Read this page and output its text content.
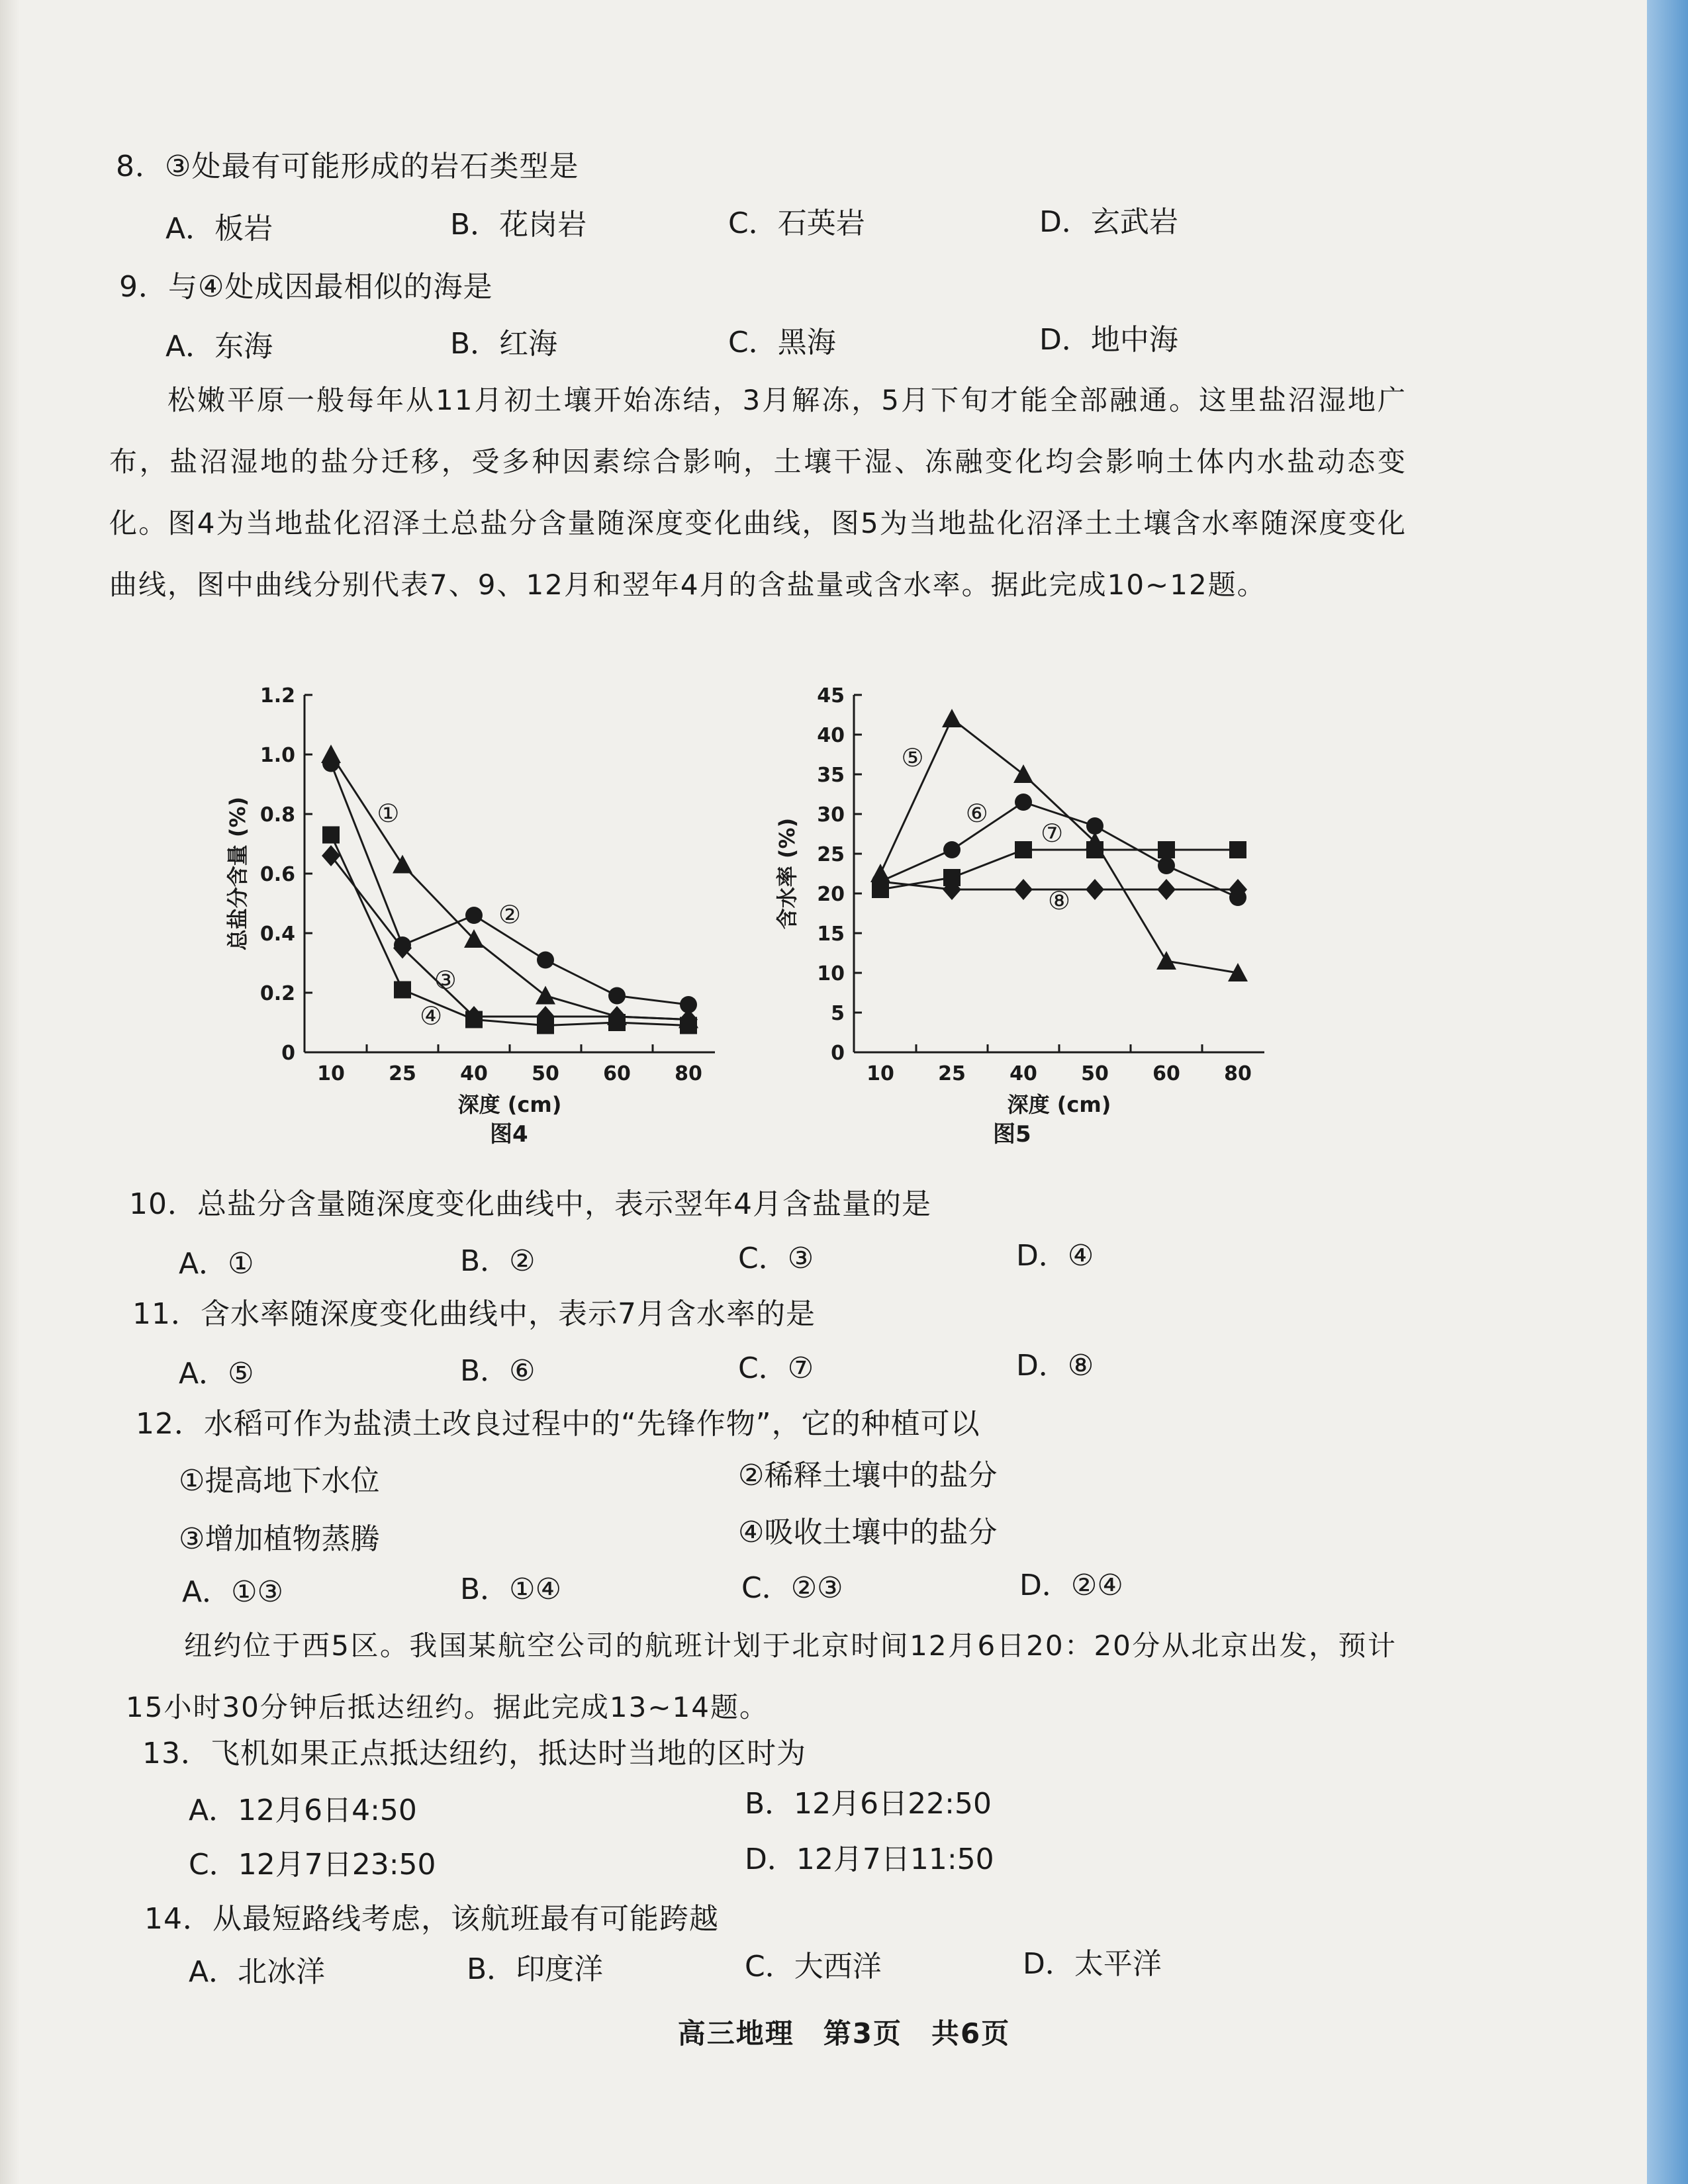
8．③处最有可能形成的岩石类型是
A．板岩	B．花岗岩	C．石英岩	D．玄武岩
9．与④处成因最相似的海是
A．东海	B．红海	C．黑海	D．地中海
松嫩平原一般每年从11月初土壤开始冻结，3月解冻，5月下旬才能全部融通。这里盐沼湿地广布，盐沼湿地的盐分迁移，受多种因素综合影响，土壤干湿、冻融变化均会影响土体内水盐动态变化。图4为当地盐化沼泽土总盐分含量随深度变化曲线，图5为当地盐化沼泽土土壤含水率随深度变化曲线，图中曲线分别代表7、9、12月和翌年4月的含盐量或含水率。据此完成10~12题。
0
0.2
0.4
0.6
0.8
1.0
1.2
10 25 40 50 60 80
深度 (cm)
总盐分含量 (%)	①
②
③
④
图4
0
5
10
15
20
25
30
35
40
45
10 25 40 50 60 80
深度 (cm)
含水率 (%)
⑤
⑥
⑦
⑧
图5
10．总盐分含量随深度变化曲线中，表示翌年4月含盐量的是
A．①	B．②	C．③	D．④
11．含水率随深度变化曲线中，表示7月含水率的是
A．⑤	B．⑥	C．⑦	D．⑧
12．水稻可作为盐渍土改良过程中的“先锋作物”，它的种植可以
①提高地下水位	②稀释土壤中的盐分
③增加植物蒸腾	④吸收土壤中的盐分
A．①③	B．①④	C．②③	D．②④
纽约位于西5区。我国某航空公司的航班计划于北京时间12月6日20：20分从北京出发，预计15小时30分钟后抵达纽约。据此完成13~14题。
13．飞机如果正点抵达纽约，抵达时当地的区时为
A．12月6日4:50	B．12月6日22:50
C．12月7日23:50	D．12月7日11:50
14．从最短路线考虑，该航班最有可能跨越
A．北冰洋	B．印度洋	C．大西洋	D．太平洋
高三地理　第3页　共6页
